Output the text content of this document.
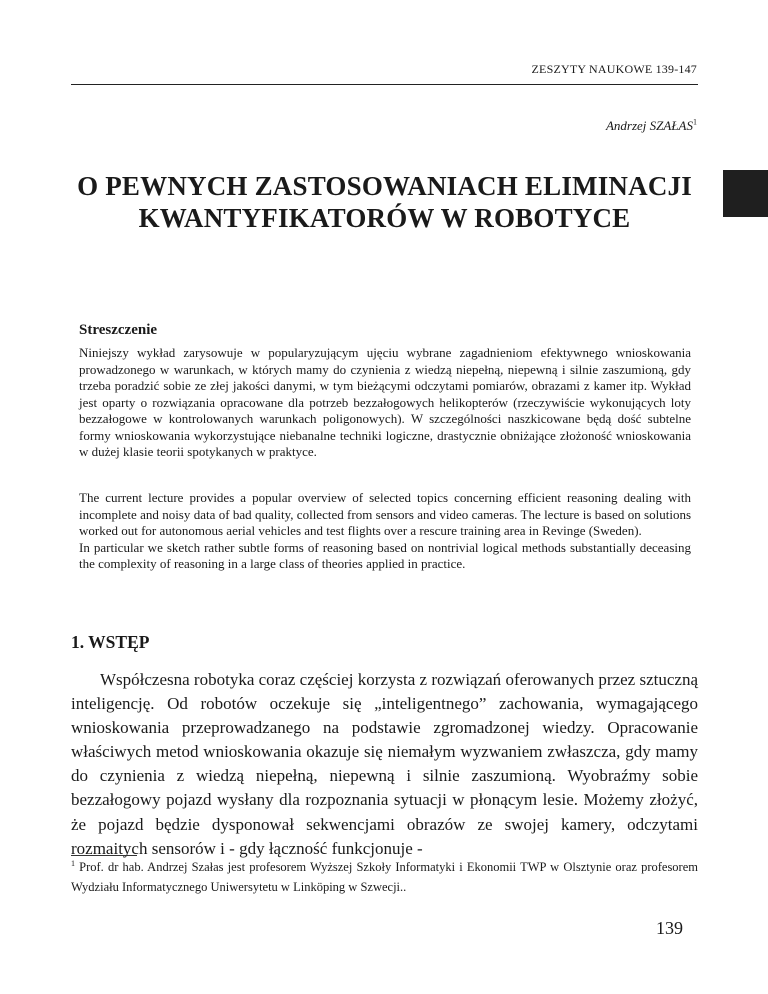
ZESZYTY NAUKOWE 139-147
Andrzej SZAŁAS$^1$
O PEWNYCH ZASTOSOWANIACH ELIMINACJI
KWANTYFIKATORÓW W ROBOTYCE
Streszczenie

Niniejszy wykład zarysowuje w popularyzującym ujęciu wybrane zagadnieniom efektywnego wnioskowania prowadzonego w warunkach, w których mamy do czynienia z wiedzą niepełną, niepewną i silnie zaszumioną, gdy trzeba poradzić sobie ze złej jakości danymi, w tym bieżącymi odczytami pomiarów, obrazami z kamer itp. Wykład jest oparty o rozwiązania opracowane dla potrzeb bezzałogowych helikopterów (rzeczywiście wykonujących loty bezzałogowe w kontrolowanych warunkach poligonowych). W szczególności naszkicowane będą dość subtelne formy wnioskowania wykorzystujące niebanalne techniki logiczne, drastycznie obniżające złożoność wnioskowania w dużej klasie teorii spotykanych w praktyce.

The current lecture provides a popular overview of selected topics concerning efficient reasoning dealing with incomplete and noisy data of bad quality, collected from sensors and video cameras. The lecture is based on solutions worked out for autonomous aerial vehicles and test flights over a rescure training area in Revinge (Sweden).

In particular we sketch rather subtle forms of reasoning based on nontrivial logical methods substantially deceasing the complexity of reasoning in a large class of theories applied in practice.

1. WSTĘP

Współczesna robotyka coraz częściej korzysta z rozwiązań oferowanych przez sztuczną inteligencję. Od robotów oczekuje się „inteligentnego” zachowania, wymagającego wnioskowania przeprowadzanego na podstawie zgromadzonej wiedzy. Opracowanie właściwych metod wnioskowania okazuje się niemałym wyzwaniem zwłaszcza, gdy mamy do czynienia z wiedzą niepełną, niepewną i silnie zaszumioną. Wyobraźmy sobie bezzałogowy pojazd wysłany dla rozpoznania sytuacji w płonącym lesie. Możemy złożyć, że pojazd będzie dysponował sekwencjami obrazów ze swojej kamery, odczytami rozmaitych sensorów i - gdy łączność funkcjonuje -

$^1$ Prof. dr hab. Andrzej Szałas jest profesorem Wyższej Szkoły Informatyki i Ekonomii TWP w Olsztynie oraz profesorem Wydziału Informatycznego Uniwersytetu w Linköping w Szwecji..
139
